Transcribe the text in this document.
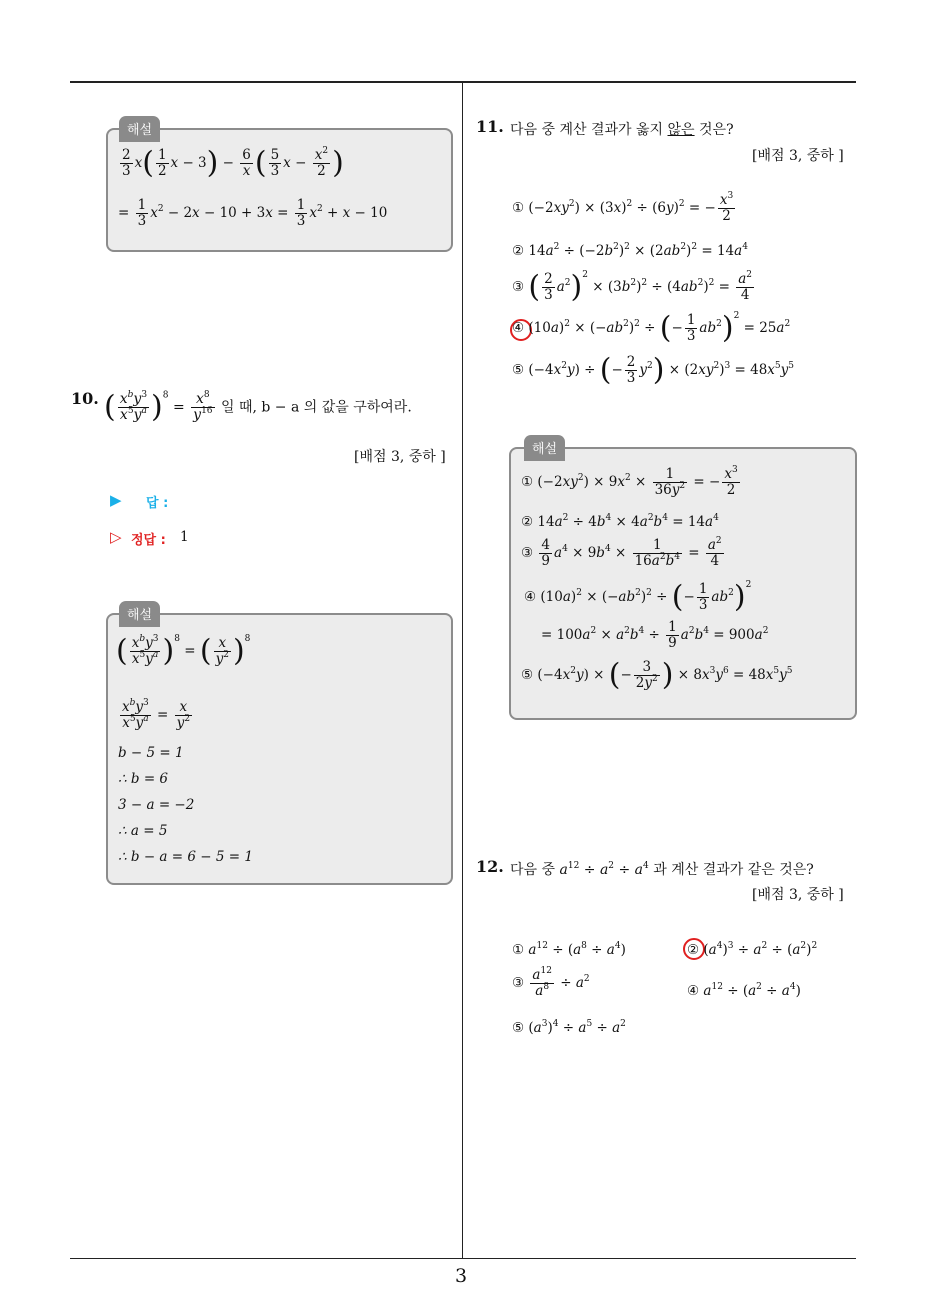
3
해설
$\frac{2}{3} x( \frac{1}{2}$ $x - 3) - \frac{6}{x}$ ( $\frac{5}{3}$ $x - \frac{x^2}{2}$ )
= $\frac{1}{3} x^2 - 2x - 10 + 3x = \frac{1}{3} x^2 + x - 10$
10. ( $\frac{x^by^3}{x^5y^a} )^8 = \frac{x^8}{y^{16}}$ 일 때, b − a 의 값을 구하여라.
[배점 3, 중하 ]
▶ 답 :
▷ 정답 : 1
해설
( $\frac{x^by^3}{x^5y^a} )^8$ = ( $\frac{x}{y^2} )^8$
$\frac{x^by^3}{x^5y^a} = \frac{x}{y^2}$
b − 5 = 1
∴ b = 6
3 − a = −2
∴ a = 5
∴ b − a = 6 − 5 = 1
11. 다음 중 계산 결과가 옳지 않은 것은?
[배점 3, 중하 ]
① $(-2xy^2) \times (3x)^2 \div (6y)^2$ = − $\frac{x^3}{2}$
② $14a^2 \div (-2b^2)^2 \times (2ab^2)^2 = 14a^4$
③ ( $\frac{2}{3} a^2)^2 \times (3b^2)^2 \div (4ab^2)^2 = \frac{a^2}{4}$
④ $(10a)^2 \times (-ab^2)^2$ ÷ (− $\frac{1}{3} ab^2)^2 = 25a^2$
⑤ $(-4x^2y)$ ÷ (− $\frac{2}{3} y^2) \times (2xy^2)^3 = 48x^5y^5$
해설
① $(-2xy^2) \times 9x^2 \times \frac{1}{36y^2}$ = − $\frac{x^3}{2}$
② $14a^2 \div 4b^4 \times 4a^2b^4 = 14a^4$
③ $\frac{4}{9} a^4 \times 9b^4 \times \frac{1}{16a^2b^4} = \frac{a^2}{4}$
④ $(10a)^2 \times (-ab^2)^2$ ÷ (− $\frac{1}{3} ab^2)^2$
= $100a^2 \times a^2b^4 \div \frac{1}{9} a^2b^4 = 900a^2$
⑤ $(-4x^2y)$ × (− $\frac{3}{2y^2}$ ) × $8x^3y^6 = 48x^5y^5$
12. 다음 중 $a^{12} \div a^2 \div a^4$ 과 계산 결과가 같은 것은?
[배점 3, 중하 ]
① $a^{12} \div (a^8 \div a^4)$	② $(a^4)^3 \div a^2 \div (a^2)^2$
③ $\frac{a^{12}}{a^8} \div a^2$
④ $a^{12} \div (a^2 \div a^4)$
⑤ $(a^3)^4 \div a^5 \div a^2$
